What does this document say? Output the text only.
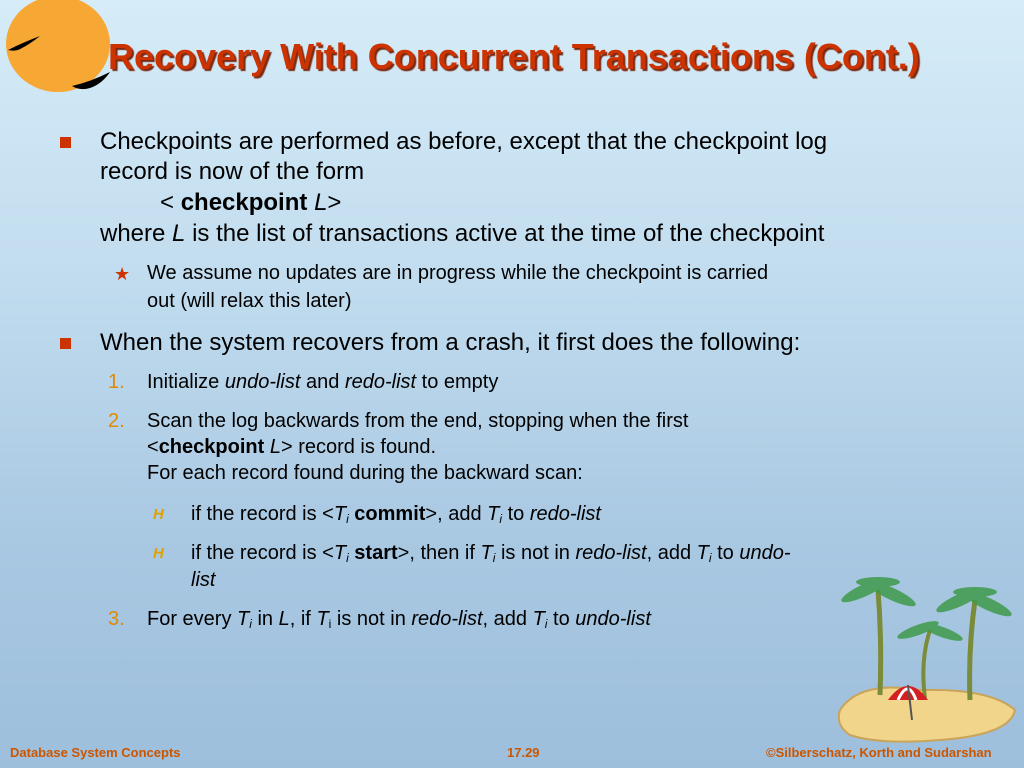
Recovery With Concurrent Transactions (Cont.)
Checkpoints are performed as before, except that the checkpoint log
record is now of the form
< checkpoint L>
where L is the list of transactions active at the time of the checkpoint
★ We assume no updates are in progress while the checkpoint is carried
out (will relax this later)
When the system recovers from a crash, it first does the following:
1. Initialize undo-list and redo-list to empty
2. Scan the log backwards from the end, stopping when the first
<checkpoint L> record is found.
For each record found during the backward scan:
H if the record is $<T_i$ commit>, add $T_i$ to redo-list
H if the record is $<T_i$ start>, then if $T_i$ is not in redo-list, add $T_i$ to undo-
list
3. For every $T_i$ in L, if $T_i$ is not in redo-list, add $T_i$ to undo-list
Database System Concepts	17.29	©Silberschatz, Korth and Sudarshan
